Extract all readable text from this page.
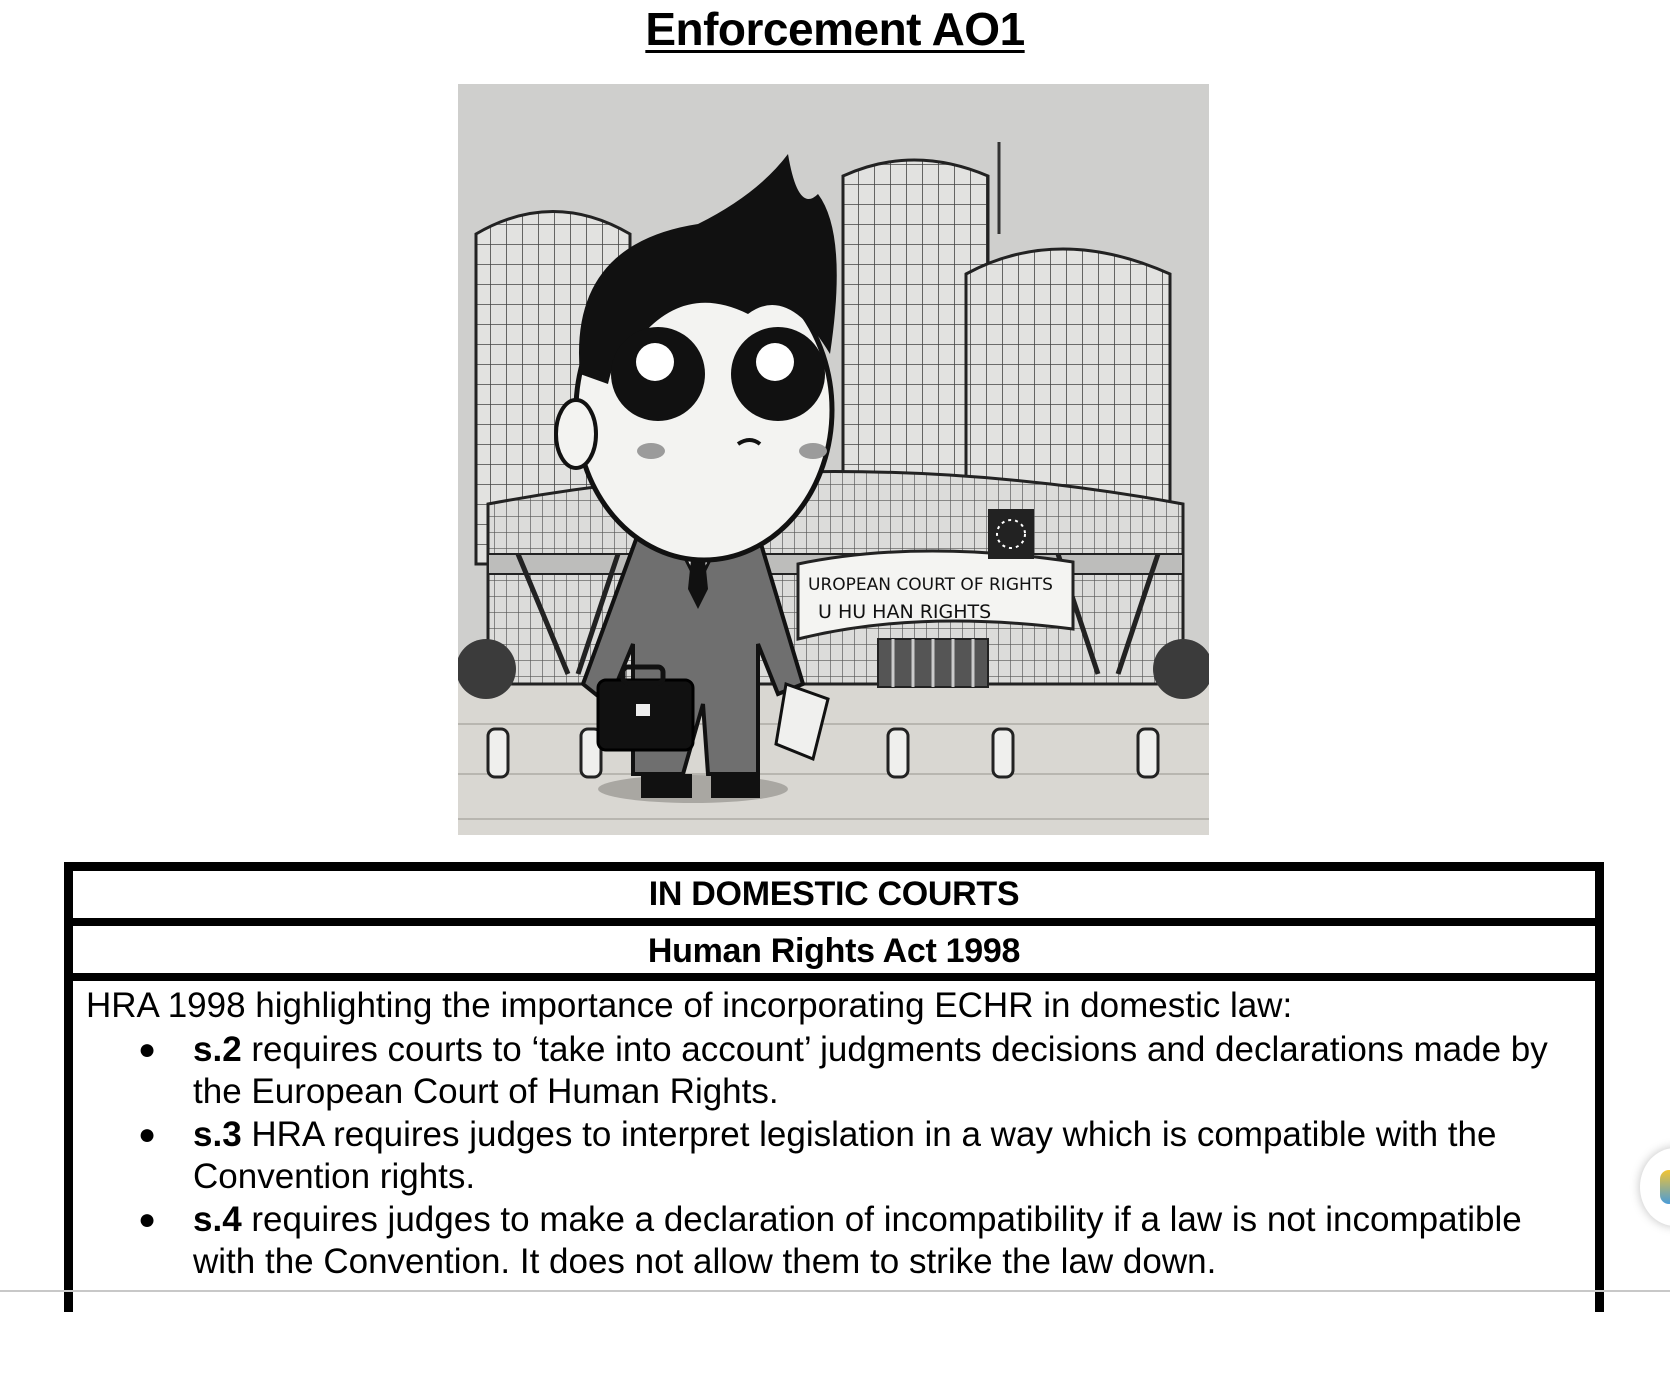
Enforcement AO1
UROPEAN COURT OF RIGHTS
U HU HAN RIGHTS
IN DOMESTIC COURTS
Human Rights Act 1998

HRA 1998 highlighting the importance of incorporating ECHR in domestic law:

● s.2 requires courts to ‘take into account’ judgments decisions and declarations made by the European Court of Human Rights.
● s.3 HRA requires judges to interpret legislation in a way which is compatible with the Convention rights.
● s.4 requires judges to make a declaration of incompatibility if a law is not incompatible with the Convention. It does not allow them to strike the law down.
